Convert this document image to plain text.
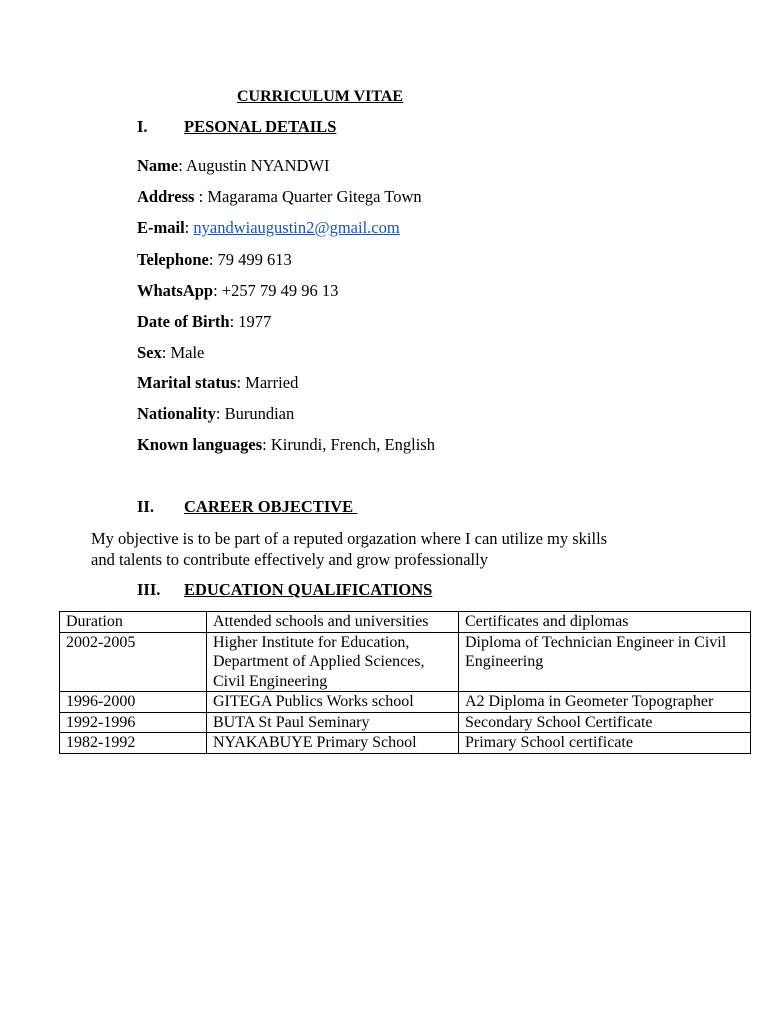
CURRICULUM VITAE
I. PESONAL DETAILS
Name: Augustin NYANDWI
Address : Magarama Quarter Gitega Town
E-mail: nyandwiaugustin2@gmail.com
Telephone: 79 499 613
WhatsApp: +257 79 49 96 13
Date of Birth: 1977
Sex: Male
Marital status: Married
Nationality: Burundian
Known languages: Kirundi, French, English
II. CAREER OBJECTIVE
My objective is to be part of a reputed orgazation where I can utilize my skills
and talents to contribute effectively and grow professionally
III. EDUCATION QUALIFICATIONS
Duration	Attended schools and universities	Certificates and diplomas
2002-2005	Higher Institute for Education, Department of Applied Sciences, Civil Engineering	Diploma of Technician Engineer in Civil Engineering
1996-2000	GITEGA Publics Works school	A2 Diploma in Geometer Topographer
1992-1996	BUTA St Paul Seminary	Secondary School Certificate
1982-1992	NYAKABUYE Primary School	Primary School certificate
